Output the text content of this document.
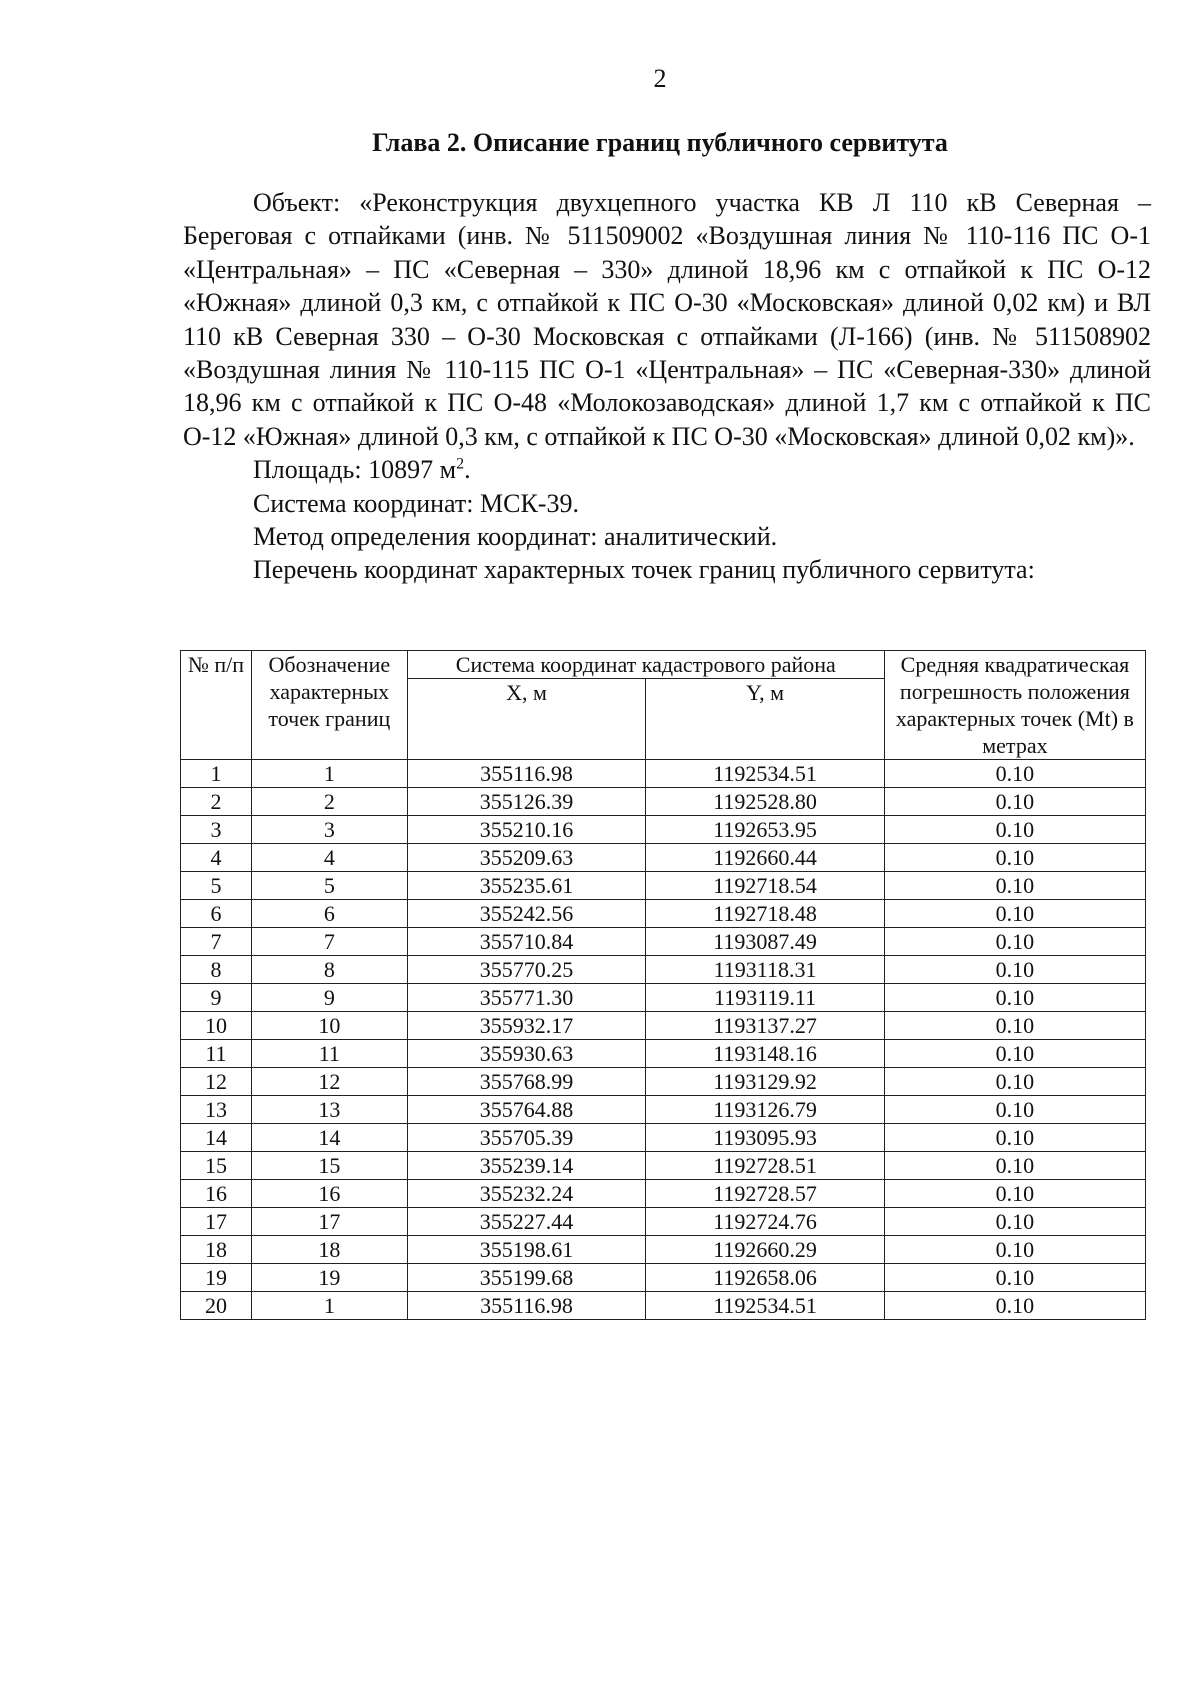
2
Глава 2. Описание границ публичного сервитута

Объект: «Реконструкция двухцепного участка КВ Л 110 кВ Северная – Береговая с отпайками (инв. № 511509002 «Воздушная линия № 110-116 ПС О-1 «Центральная» – ПС «Северная – 330» длиной 18,96 км с отпайкой к ПС О-12 «Южная» длиной 0,3 км, с отпайкой к ПС О-30 «Московская» длиной 0,02 км) и ВЛ 110 кВ Северная 330 – О-30 Московская с отпайками (Л-166) (инв. № 511508902 «Воздушная линия № 110-115 ПС О-1 «Центральная» – ПС «Северная-330» длиной 18,96 км с отпайкой к ПС О-48 «Молокозаводская» длиной 1,7 км с отпайкой к ПС О-12 «Южная» длиной 0,3 км, с отпайкой к ПС О-30 «Московская» длиной 0,02 км)».

Площадь: 10897 $м^2$.

Система координат: МСК-39.

Метод определения координат: аналитический.

Перечень координат характерных точек границ публичного сервитута:

№ п/п	Обозначение характерных точек границ	Система координат кадастрового района		Средняя квадратическая погрешность положения характерных точек (Mt) в метрах
		X, м	Y, м	
1	1	355116.98	1192534.51	0.10
2	2	355126.39	1192528.80	0.10
3	3	355210.16	1192653.95	0.10
4	4	355209.63	1192660.44	0.10
5	5	355235.61	1192718.54	0.10
6	6	355242.56	1192718.48	0.10
7	7	355710.84	1193087.49	0.10
8	8	355770.25	1193118.31	0.10
9	9	355771.30	1193119.11	0.10
10	10	355932.17	1193137.27	0.10
11	11	355930.63	1193148.16	0.10
12	12	355768.99	1193129.92	0.10
13	13	355764.88	1193126.79	0.10
14	14	355705.39	1193095.93	0.10
15	15	355239.14	1192728.51	0.10
16	16	355232.24	1192728.57	0.10
17	17	355227.44	1192724.76	0.10
18	18	355198.61	1192660.29	0.10
19	19	355199.68	1192658.06	0.10
20	1	355116.98	1192534.51	0.10
